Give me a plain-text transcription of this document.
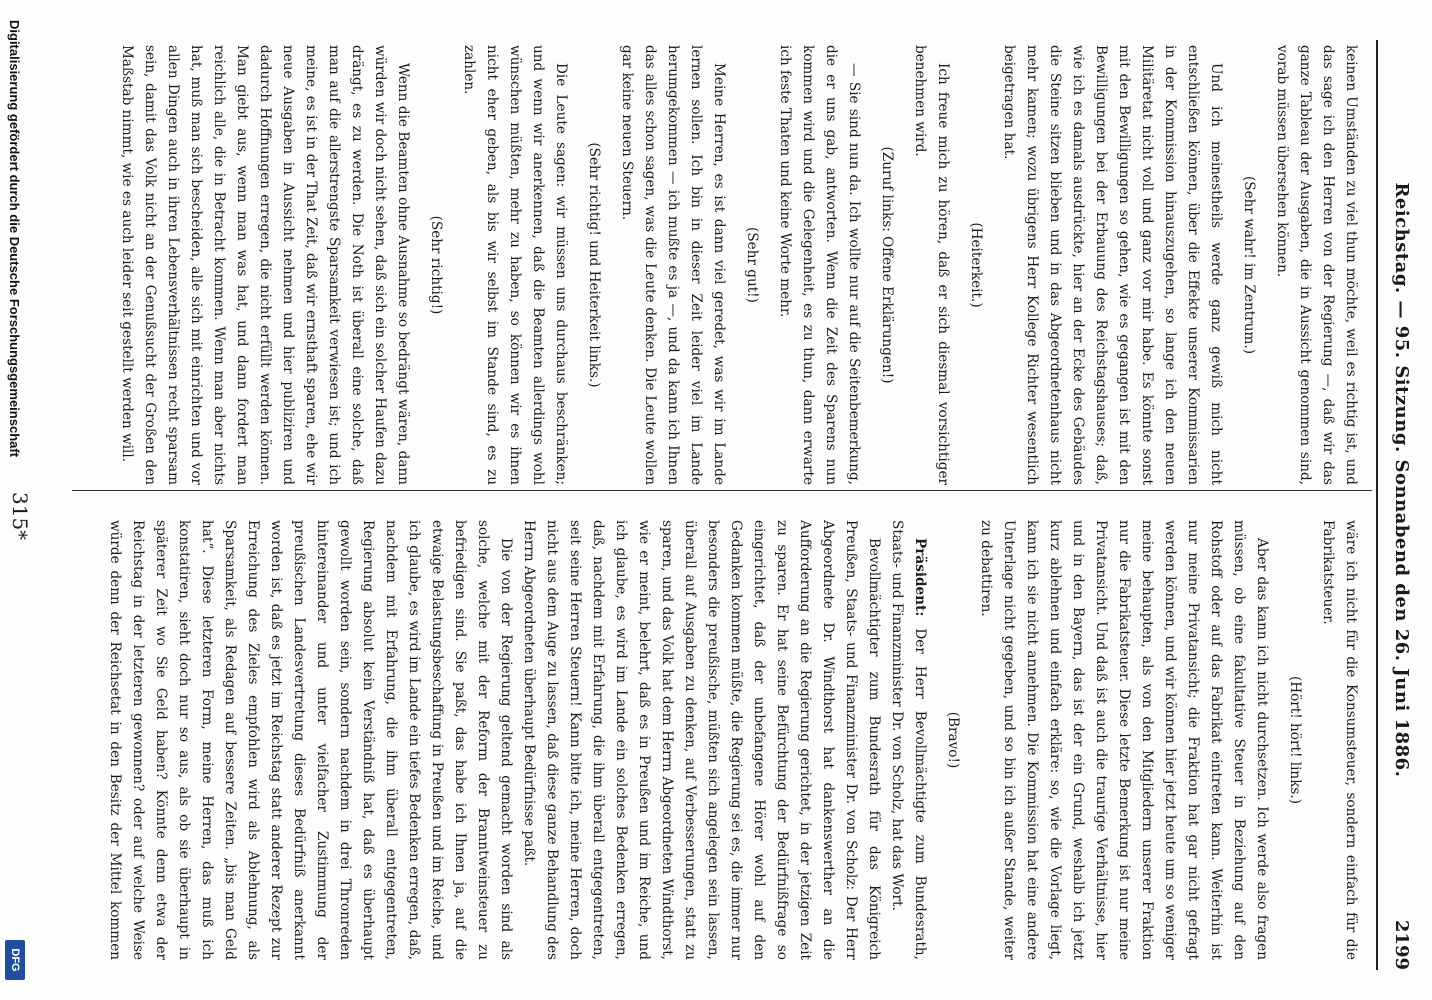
Reichstag. — 95. Sitzung. Sonnabend den 26. Juni 1886.
2199

keinen Umständen zu viel thun möchte, weil es richtig ist, und das sage ich den Herren von der Regierung —, daß wir das ganze Tableau der Ausgaben, die in Aussicht genommen sind, vorab müssen übersehen können.

(Sehr wahr! im Zentrum.)

Und ich meinestheils werde ganz gewiß mich nicht entschließen können, über die Effekte unserer Kommissarien in der Kommission hinauszugehen, so lange ich den neuen Militäretat nicht voll und ganz vor mir habe. Es könnte sonst mit den Bewilligungen so gehen, wie es gegangen ist mit den Bewilligungen bei der Erbauung des Reichstagshauses; daß, wie ich es damals ausdrückte, hier an der Ecke des Gebäudes die Steine sitzen blieben und in das Abgeordnetenhaus nicht mehr kamen; wozu übrigens Herr Kollege Richter wesentlich beigetragen hat.

(Heiterkeit.)

Ich freue mich zu hören, daß er sich diesmal vorsichtiger benehmen wird.

(Zuruf links: Offene Erklärungen!)

— Sie sind nun da. Ich wollte nur auf die Seitenbemerkung, die er uns gab, antworten. Wenn die Zeit des Sparens nun kommen wird und die Gelegenheit, es zu thun, dann erwarte ich feste Thaten und keine Worte mehr.

(Sehr gut!)

Meine Herren, es ist dann viel geredet, was wir im Lande lernen sollen. Ich bin in dieser Zeit leider viel im Lande herumgekommen — ich mußte es ja —, und da kann ich Ihnen das alles schon sagen, was die Leute denken. Die Leute wollen gar keine neuen Steuern.

(Sehr richtig! und Heiterkeit links.)

Die Leute sagen: wir müssen uns durchaus beschränken; und wenn wir anerkennen, daß die Beamten allerdings wohl wünschen müßten, mehr zu haben, so können wir es ihnen nicht eher geben, als bis wir selbst im Stande sind, es zu zahlen.

(Sehr richtig!)

Wenn die Beamten ohne Ausnahme so bedrängt wären, dann würden wir doch nicht sehen, daß sich ein solcher Haufen dazu drängt, es zu werden. Die Noth ist überall eine solche, daß man auf die allerstrengste Sparsamkeit verwiesen ist; und ich meine, es ist in der That Zeit, daß wir ernsthaft sparen, ehe wir neue Ausgaben in Aussicht nehmen und hier publiziren und dadurch Hoffnungen erregen, die nicht erfüllt werden können. Man giebt aus, wenn man was hat, und dann fordert man reichlich alle, die in Betracht kommen. Wenn man aber nichts hat, muß man sich bescheiden, alle sich mit einrichten und vor allen Dingen auch in ihren Lebensverhältnissen recht sparsam sein, damit das Volk nicht an der Genußsucht der Großen den Maßstab nimmt, wie es auch leider seit gestellt werden will.

wäre ich nicht für die Konsumsteuer, sondern einfach für die Fabrikatsteuer.

(Hört! hört! links.)

Aber das kann ich nicht durchsetzen. Ich werde also fragen müssen, ob eine fakultative Steuer in Beziehung auf den Rohstoff oder auf das Fabrikat eintreten kann. Weiterhin ist nur meine Privatansicht; die Fraktion hat gar nicht gefragt werden können, und wir können hier jetzt heute um so weniger meine behaupten, als von den Mitgliedern unserer Fraktion nur die Fabrikatsteuer. Diese letzte Bemerkung ist nur meine Privatansicht. Und daß ist auch die traurige Verhältnisse, hier und in den Bayern, das ist der ein Grund, weshalb ich jetzt kurz ablehnen und einfach erkläre: so, wie die Vorlage liegt, kann ich sie nicht annehmen. Die Kommission hat eine andere Unterlage nicht gegeben, und so bin ich außer Stande, weiter zu debattiren.

(Bravo!)

Präsident: Der Herr Bevollmächtigte zum Bundesrath, Staats- und Finanzminister Dr. von Scholz, hat das Wort.

Bevollmächtigter zum Bundesrath für das Königreich Preußen, Staats- und Finanzminister Dr. von Scholz: Der Herr Abgeordnete Dr. Windthorst hat dankenswerther an die Aufforderung an die Regierung gerichtet, in der jetzigen Zeit zu sparen. Er hat seine Befürchtung der Bedürfnißfrage so eingerichtet, daß der unbefangene Hörer wohl auf den Gedanken kommen müßte, die Regierung sei es, die immer nur besonders die preußische, müßten sich angelegen sein lassen, überall auf Ausgaben zu denken, auf Verbesserungen, statt zu sparen, und das Volk hat dem Herrn Abgeordneten Windthorst, wie er meint, belehrt, daß es in Preußen und im Reiche, und ich glaube, es wird im Lande ein solches Bedenken erregen, daß, nachdem mit Erfahrung, die ihm überall entgegentreten, seit seine Herren Steuern! Kann bitte ich, meine Herren, doch nicht aus dem Auge zu lassen, daß diese ganze Behandlung des Herrn Abgeordneten überhaupt Bedürfnisse paßt.

Die von der Regierung geltend gemacht worden sind als solche, welche mit der Reform der Branntweinsteuer zu befriedigen sind. Sie paßt, das habe ich Ihnen ja, auf die etwaige Belastungsbeschaffung in Preußen und im Reiche, und ich glaube, es wird im Lande ein tiefes Bedenken erregen, daß, nachdem mit Erfahrung, die ihm überall entgegentreten, Regierung absolut kein Verständniß hat, daß es überhaupt gewollt worden sein, sondern nachdem in drei Thronreden hintereinander und unter vielfacher Zustimmung der preußischen Landesvertretung dieses Bedürfniß anerkannt worden ist, daß es jetzt im Reichstag statt anderer Rezept zur Erreichung des Zieles empfohlen wird als Ablehnung, als Sparsamkeit, als Redagen auf bessere Zeiten. „bis man Geld hat“. Diese letzteren Form, meine Herren, das muß ich konstatiren, sieht doch nur so aus, als ob sie überhaupt in späterer Zeit wo Sie Geld haben? Könnte denn etwa der Reichstag in der letzteren gewonnen? oder auf welche Weise würde denn der Reichsetat in den Besitz der Mittel kommen

315*
Digitalisierung gefördert durch die Deutsche Forschungsgemeinschaft
DFG
